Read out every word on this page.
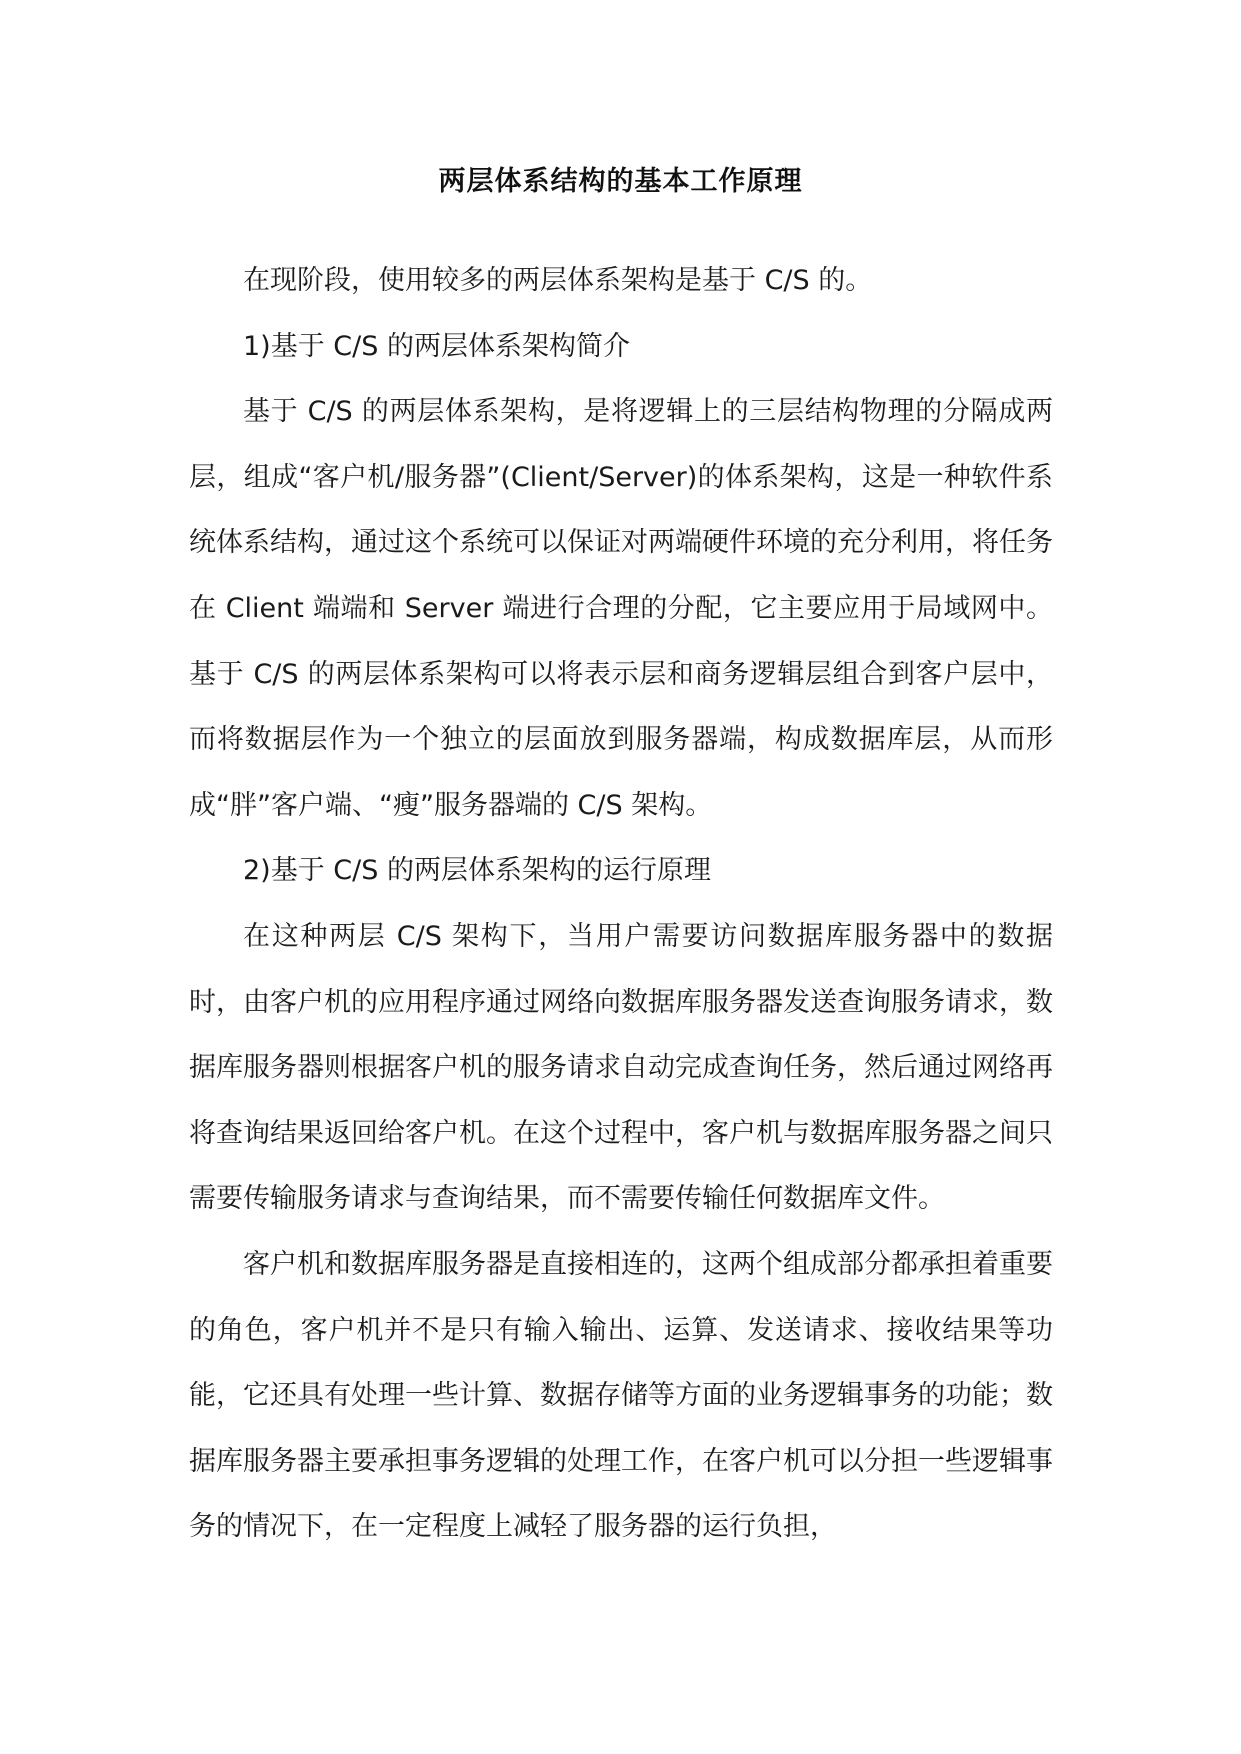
两层体系结构的基本工作原理

在现阶段，使用较多的两层体系架构是基于 C/S 的。

1)基于 C/S 的两层体系架构简介

基于 C/S 的两层体系架构，是将逻辑上的三层结构物理的分隔成两层，组成“客户机/服务器”(Client/Server)的体系架构，这是一种软件系统体系结构，通过这个系统可以保证对两端硬件环境的充分利用，将任务在 Client 端端和 Server 端进行合理的分配，它主要应用于局域网中。基于 C/S 的两层体系架构可以将表示层和商务逻辑层组合到客户层中，而将数据层作为一个独立的层面放到服务器端，构成数据库层，从而形成“胖”客户端、“瘦”服务器端的 C/S 架构。

2)基于 C/S 的两层体系架构的运行原理

在这种两层 C/S 架构下，当用户需要访问数据库服务器中的数据时，由客户机的应用程序通过网络向数据库服务器发送查询服务请求，数据库服务器则根据客户机的服务请求自动完成查询任务，然后通过网络再将查询结果返回给客户机。在这个过程中，客户机与数据库服务器之间只需要传输服务请求与查询结果，而不需要传输任何数据库文件。

客户机和数据库服务器是直接相连的，这两个组成部分都承担着重要的角色，客户机并不是只有输入输出、运算、发送请求、接收结果等功能，它还具有处理一些计算、数据存储等方面的业务逻辑事务的功能；数据库服务器主要承担事务逻辑的处理工作，在客户机可以分担一些逻辑事务的情况下，在一定程度上减轻了服务器的运行负担，
